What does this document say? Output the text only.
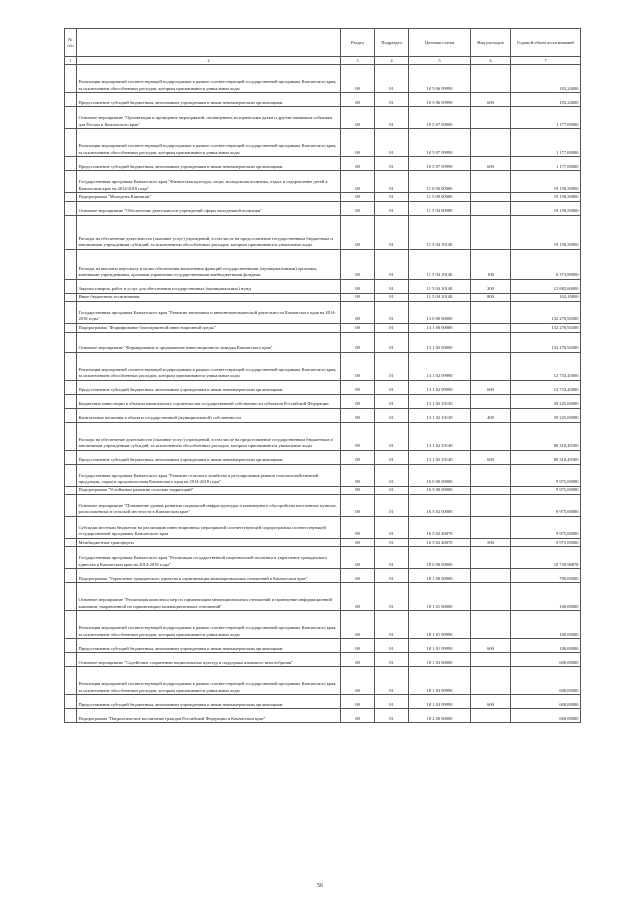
№ п/п		Раздел	Подраздел	Целевая статья	Вид расходов	Годовой объем ассигнований
1	2	3	4	5	6	7
	Реализация мероприятий соответствующей подпрограммы в рамках соответствующей государственной программы Камчатского края, за исключением обособленных расходов, которым присваиваются уникальные коды	08	01	10 5 06 09990		103,24000
	Предоставление субсидий бюджетным, автономным учреждениям и иным некоммерческим организациям	08	01	10 5 06 09990	600	103,24000
	Основное мероприятие "Организация и проведение мероприятий, посвященных историческим датам и другим значимым событиям для России и Камчатского края"	08	01	10 5 07 00000		1 177,00000
	Реализация мероприятий соответствующей подпрограммы в рамках соответствующей государственной программы Камчатского края, за исключением обособленных расходов, которым присваиваются уникальные коды	08	01	10 5 07 09990		1 177,00000
	Предоставление субсидий бюджетным, автономным учреждениям и иным некоммерческим организациям	08	01	10 5 07 09990	600	1 177,00000
	Государственная программа Камчатского края "Физическая культура, спорт, молодежная политика, отдых и оздоровление детей в Камчатском крае на 2014-2018 годы"	08	01	11 0 00 00000		19 158,50000
	Подпрограмма "Молодежь Камчатки"	08	01	11 5 00 00000		19 158,50000
	Основное мероприятие "Обеспечение деятельности учреждений сферы молодежной политики"	08	01	11 5 04 00000		19 158,50000
	Расходы на обеспечение деятельности (оказание услуг) учреждений, в том числе на предоставление государственным бюджетным и автономным учреждениям субсидий, за исключением обособленных расходов, которым присваиваются уникальные коды	08	01	11 5 04 10140		19 158,50000
	Расходы на выплаты персоналу в целях обеспечения выполнения функций государственными (муниципальными) органами, казенными учреждениями, органами управления государственными внебюджетными фондами	08	01	11 5 04 10140	100	6 373,80000
	Закупка товаров, работ и услуг для обеспечения государственных (муниципальных) нужд	08	01	11 5 04 10140	200	12 682,60000
	Иные бюджетные ассигнования	08	01	11 5 04 10140	800	102,10000
	Государственная программа Камчатского края "Развитие экономики и внешнеэкономической деятельности Камчатского края на 2014-2018 годы"	08	01	13 0 00 00000		132 276,94300
	Подпрограмма "Формирование благоприятной инвестиционной среды"	08	01	13 1 00 00000		132 276,94300
	Основное мероприятие "Формирование и продвижение инвестиционного имиджа Камчатского края"	08	01	13 1 02 00000		132 276,94300
	Реализация мероприятий соответствующей подпрограммы в рамках соответствующей государственной программы Камчатского края, за исключением обособленных расходов, которым присваиваются уникальные коды	08	01	13 1 02 09990		12 733,45000
	Предоставление субсидий бюджетным, автономным учреждениям и иным некоммерческим организациям	08	01	13 1 02 09990	600	12 733,45000
	Бюджетные инвестиции в объекты капитального строительства государственной собственности субъектов Российской Федерации	08	01	13 1 02 10130		39 225,00000
	Капитальные вложения в объекты государственной (муниципальной) собственности	08	01	13 1 02 10130	400	39 225,00000
	Расходы на обеспечение деятельности (оказание услуг) учреждений, в том числе на предоставление государственным бюджетным и автономным учреждениям субсидий, за исключением обособленных расходов, которым присваиваются уникальные коды	08	01	13 1 02 10140		80 318,49300
	Предоставление субсидий бюджетным, автономным учреждениям и иным некоммерческим организациям	08	01	13 1 02 10140	600	80 318,49300
	Государственная программа Камчатского края "Развитие сельского хозяйства и регулирования рынков сельскохозяйственной продукции, сырья и продовольствия Камчатского края на 2014-2018 годы"	08	01	16 0 00 00000		9 975,00000
	Подпрограмма "Устойчивое развитие сельских территорий"	08	01	16 5 00 00000		9 975,00000
	Основное мероприятие "Повышение уровня развития социальной инфраструктуры и инженерного обустройства населенных пунктов, расположенных в сельской местности в Камчатском крае"	08	01	16 5 02 00000		9 975,00000
	Субсидии местным бюджетам на реализацию инвестиционных мероприятий соответствующей подпрограммы соответствующей государственной программы Камчатского края	08	01	16 5 02 40070		9 975,00000
	Межбюджетные трансферты	08	01	16 5 02 40070	500	9 975,00000
	Государственная программа Камчатского края "Реализация государственной национальной политики и укрепление гражданского единства в Камчатском крае на 2014-2018 годы"	08	01	18 0 00 00000		10 739,96878
	Подпрограмма "Укрепление гражданского единства и гармонизация межнациональных отношений в Камчатском крае"	08	01	18 1 00 00000		700,00000
	Основное мероприятие "Реализация комплекса мер по гармонизации межнациональных отношений и проведение информационной кампании, направленной на гармонизацию межнациональных отношений"	08	01	18 1 01 00000		100,00000
	Реализация мероприятий соответствующей подпрограммы в рамках соответствующей государственной программы Камчатского края, за исключением обособленных расходов, которым присваиваются уникальные коды	08	01	18 1 01 09990		100,00000
	Предоставление субсидий бюджетным, автономным учреждениям и иным некоммерческим организациям	08	01	18 1 01 09990	600	100,00000
	Основное мероприятие "Содействие сохранению национальных культур и поддержка языкового многообразия"	08	01	18 1 03 00000		600,00000
	Реализация мероприятий соответствующей подпрограммы в рамках соответствующей государственной программы Камчатского края, за исключением обособленных расходов, которым присваиваются уникальные коды	08	01	18 1 03 09990		600,00000
	Предоставление субсидий бюджетным, автономным учреждениям и иным некоммерческим организациям	08	01	18 1 03 09990	600	600,00000
	Подпрограмма "Патриотическое воспитание граждан Российской Федерации в Камчатском крае"	08	01	18 2 00 00000		660,00000
56
